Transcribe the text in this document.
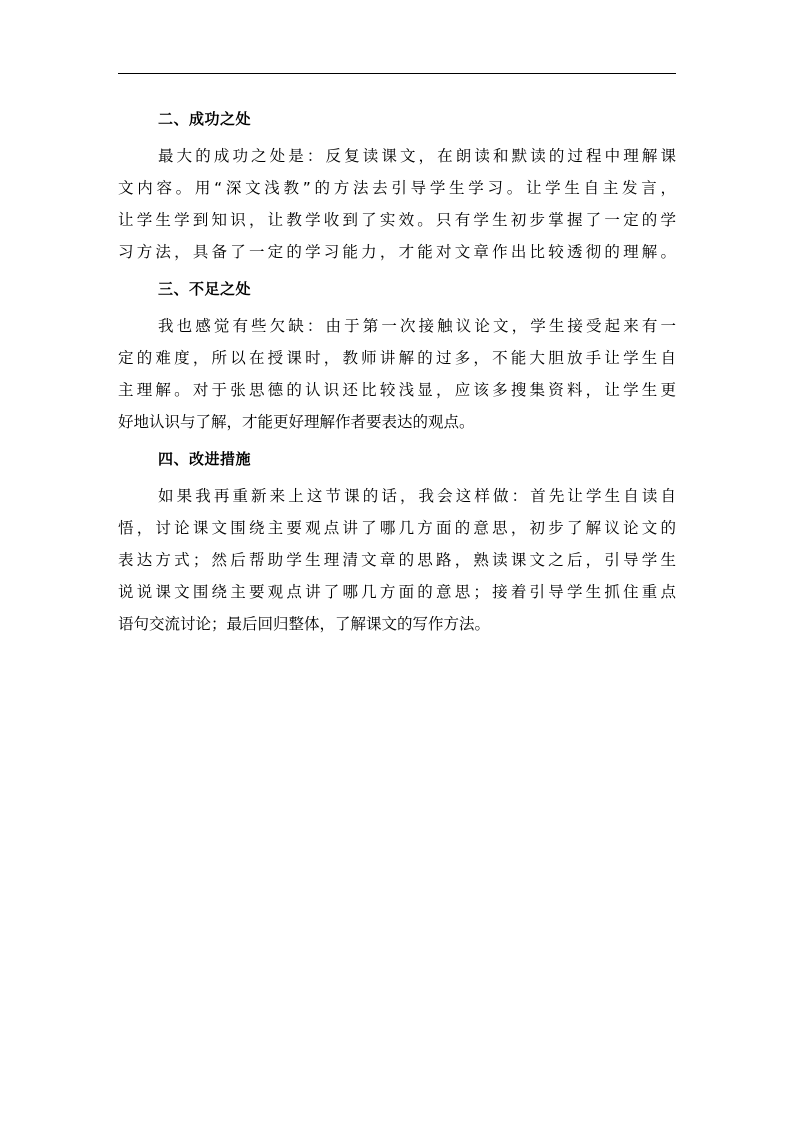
二、成功之处

最大的成功之处是：反复读课文，在朗读和默读的过程中理解课
文内容。用“深文浅教”的方法去引导学生学习。让学生自主发言，
让学生学到知识，让教学收到了实效。只有学生初步掌握了一定的学
习方法，具备了一定的学习能力，才能对文章作出比较透彻的理解。

三、不足之处

我也感觉有些欠缺：由于第一次接触议论文，学生接受起来有一
定的难度，所以在授课时，教师讲解的过多，不能大胆放手让学生自
主理解。对于张思德的认识还比较浅显，应该多搜集资料，让学生更
好地认识与了解，才能更好理解作者要表达的观点。

四、改进措施

如果我再重新来上这节课的话，我会这样做：首先让学生自读自
悟，讨论课文围绕主要观点讲了哪几方面的意思，初步了解议论文的
表达方式；然后帮助学生理清文章的思路，熟读课文之后，引导学生
说说课文围绕主要观点讲了哪几方面的意思；接着引导学生抓住重点
语句交流讨论；最后回归整体，了解课文的写作方法。
